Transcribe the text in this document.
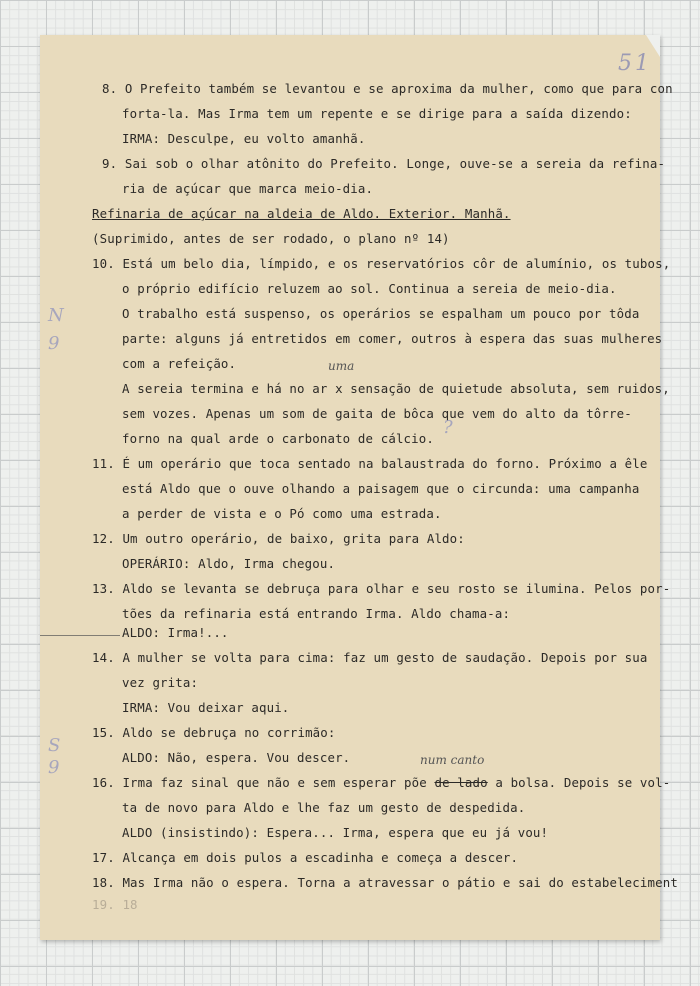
51
8. O Prefeito também se levantou e se aproxima da mulher, como que para con
forta-la. Mas Irma tem um repente e se dirige para a saída dizendo:
IRMA: Desculpe, eu volto amanhã.
9. Sai sob o olhar atônito do Prefeito. Longe, ouve-se a sereia da refina-
ria de açúcar que marca meio-dia.
Refinaria de açúcar na aldeia de Aldo. Exterior. Manhã.
(Suprimido, antes de ser rodado, o plano nº 14)
10. Está um belo dia, límpido, e os reservatórios côr de alumínio, os tubos,
o próprio edifício reluzem ao sol. Continua a sereia de meio-dia.
O trabalho está suspenso, os operários se espalham um pouco por tôda
parte: alguns já entretidos em comer, outros à espera das suas mulheres
com a refeição.	uma
A sereia termina e há no ar x sensação de quietude absoluta, sem ruidos,
sem vozes. Apenas um som de gaita de bôca que vem do alto da tôrre-
forno na qual arde o carbonato de cálcio.
?
11. É um operário que toca sentado na balaustrada do forno. Próximo a êle
está Aldo que o ouve olhando a paisagem que o circunda: uma campanha
a perder de vista e o Pó como uma estrada.
12. Um outro operário, de baixo, grita para Aldo:
OPERÁRIO: Aldo, Irma chegou.
13. Aldo se levanta se debruça para olhar e seu rosto se ilumina. Pelos por-
tões da refinaria está entrando Irma. Aldo chama-a:
ALDO: Irma!...
14. A mulher se volta para cima: faz um gesto de saudação. Depois por sua
vez grita:
IRMA: Vou deixar aqui.
15. Aldo se debruça no corrimão:
ALDO: Não, espera. Vou descer.	num canto
16. Irma faz sinal que não e sem esperar põe de lado a bolsa. Depois se vol-
ta de novo para Aldo e lhe faz um gesto de despedida.
ALDO (insistindo): Espera... Irma, espera que eu já vou!
17. Alcança em dois pulos a escadinha e começa a descer.
18. Mas Irma não o espera. Torna a atravessar o pátio e sai do estabeleciment
19. 18
N
9
S
9
